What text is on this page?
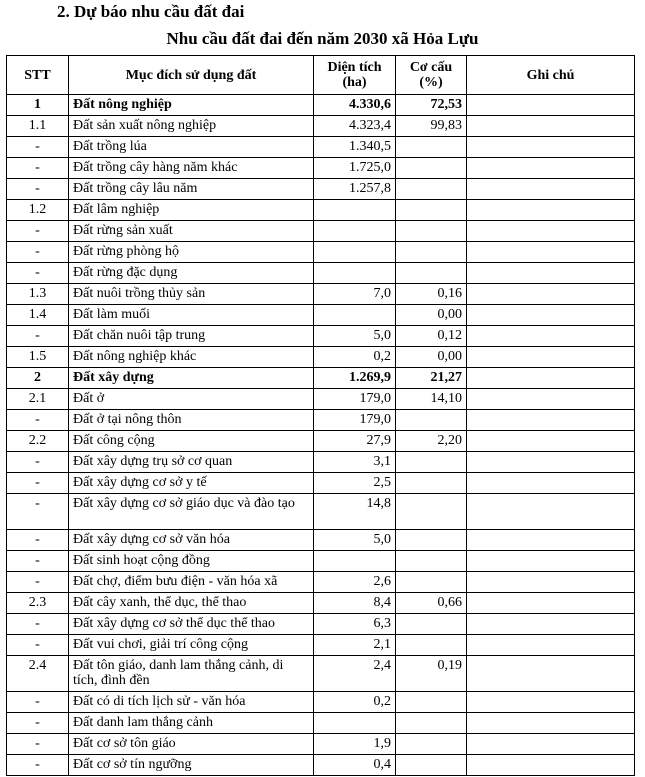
2. Dự báo nhu cầu đất đai
Nhu cầu đất đai đến năm 2030 xã Hỏa Lựu
STT	Mục đích sử dụng đất	Diện tích (ha)	Cơ cấu (%)	Ghi chú
1	Đất nông nghiệp	4.330,6	72,53	
1.1	Đất sản xuất nông nghiệp	4.323,4	99,83	
-	Đất trồng lúa	1.340,5		
-	Đất trồng cây hàng năm khác	1.725,0		
-	Đất trồng cây lâu năm	1.257,8		
1.2	Đất lâm nghiệp			
-	Đất rừng sản xuất			
-	Đất rừng phòng hộ			
-	Đất rừng đặc dụng			
1.3	Đất nuôi trồng thủy sản	7,0	0,16	
1.4	Đất làm muối		0,00	
-	Đất chăn nuôi tập trung	5,0	0,12	
1.5	Đất nông nghiệp khác	0,2	0,00	
2	Đất xây dựng	1.269,9	21,27	
2.1	Đất ở	179,0	14,10	
-	Đất ở tại nông thôn	179,0		
2.2	Đất công cộng	27,9	2,20	
-	Đất xây dựng trụ sở cơ quan	3,1		
-	Đất xây dựng cơ sở y tế	2,5		
-	Đất xây dựng cơ sở giáo dục và đào tạo	14,8		
-	Đất xây dựng cơ sở văn hóa	5,0		
-	Đất sinh hoạt cộng đồng			
-	Đất chợ, điểm bưu điện - văn hóa xã	2,6		
2.3	Đất cây xanh, thể dục, thể thao	8,4	0,66	
-	Đất xây dựng cơ sở thể dục thể thao	6,3		
-	Đất vui chơi, giải trí công cộng	2,1		
2.4	Đất tôn giáo, danh lam thắng cảnh, di tích, đình đền	2,4	0,19	
-	Đất có di tích lịch sử - văn hóa	0,2		
-	Đất danh lam thắng cảnh			
-	Đất cơ sở tôn giáo	1,9		
-	Đất cơ sở tín ngưỡng	0,4		
